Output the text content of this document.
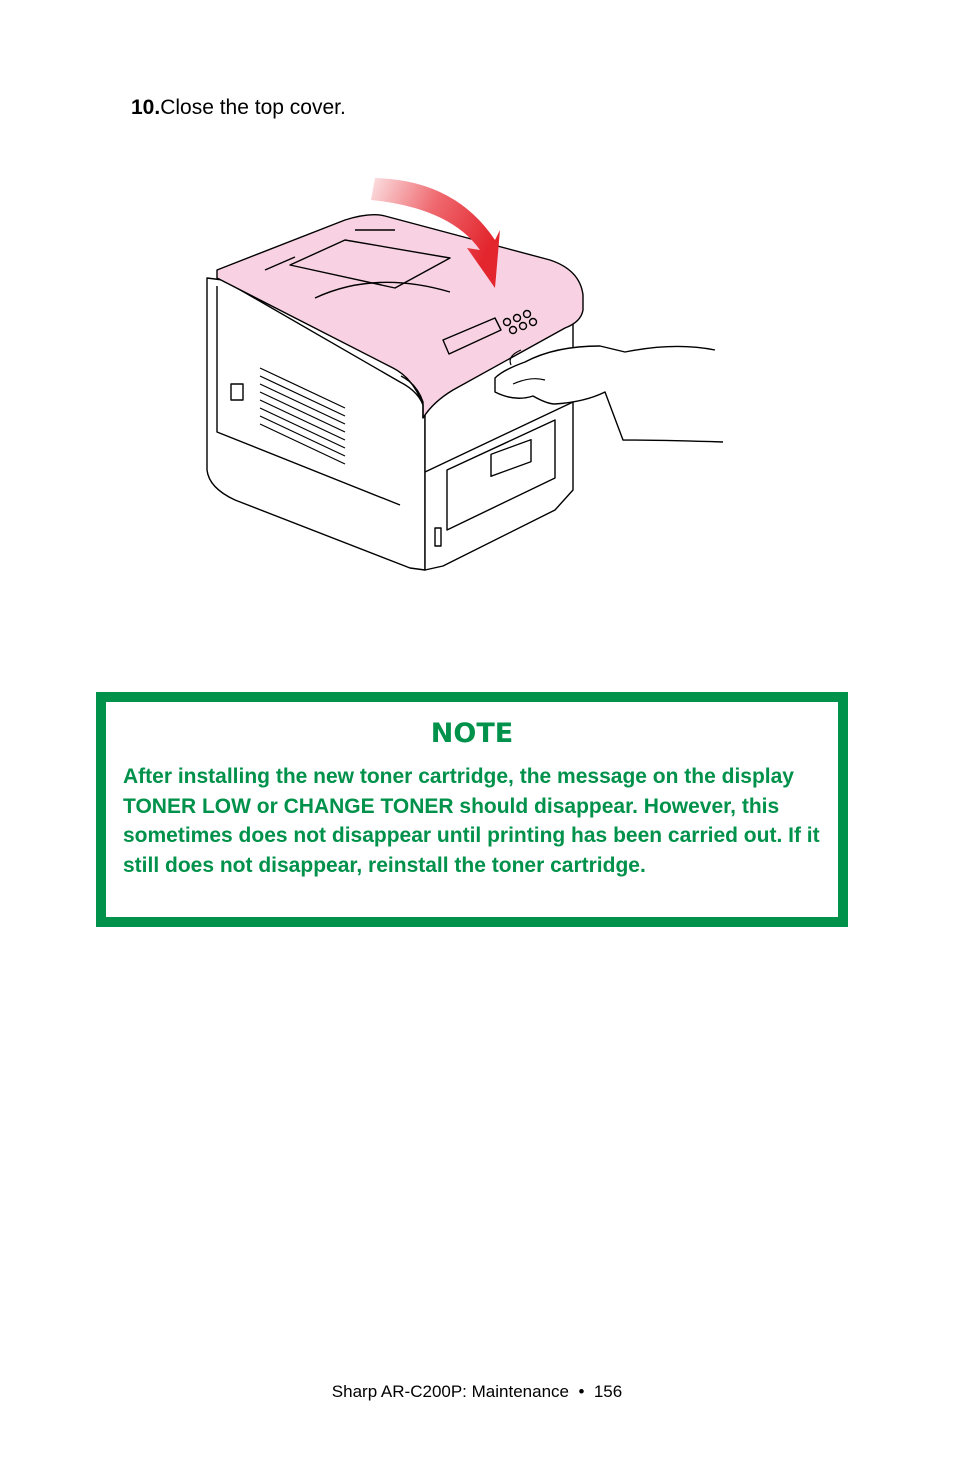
10.Close the top cover.
NOTE
After installing the new toner cartridge, the message on the display TONER LOW or CHANGE TONER should disappear. However, this sometimes does not disappear until printing has been carried out. If it still does not disappear, reinstall the toner cartridge.
Sharp AR-C200P: Maintenance • 156
